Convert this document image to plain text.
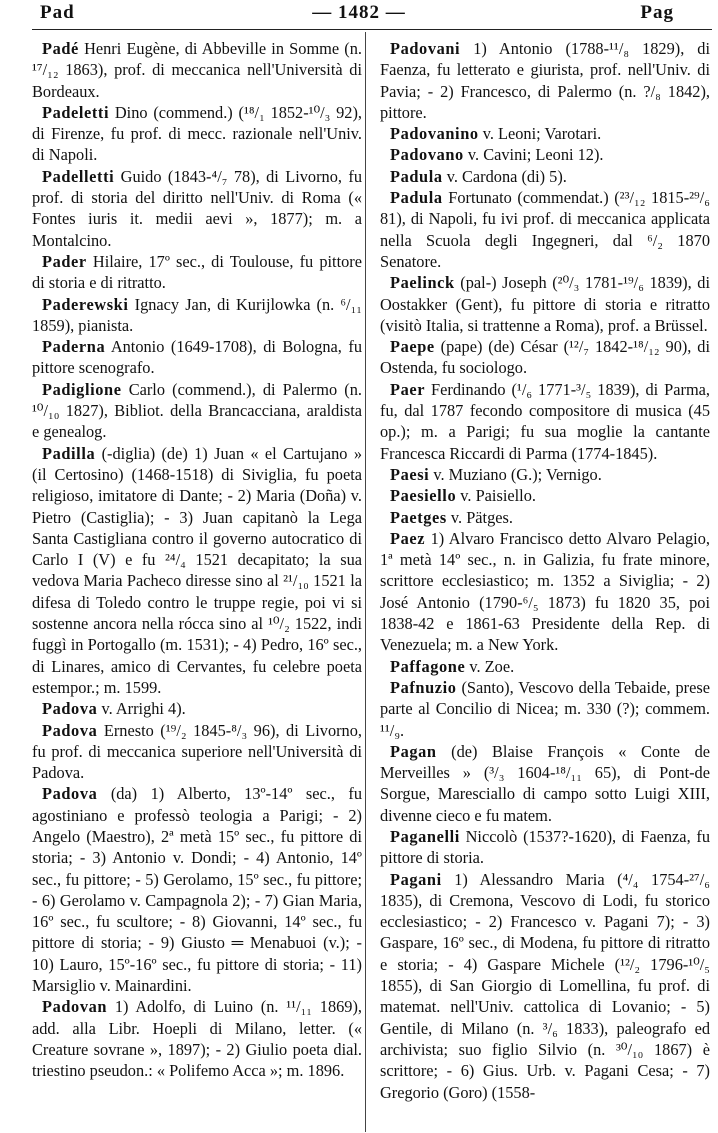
Pad	— 1482 —	Pag

Padé Henri Eugène, di Abbeville in Somme (n. ¹⁷/₁₂ 1863), prof. di meccanica nell'Università di Bordeaux.

Padeletti Dino (commend.) (¹⁸/₁ 1852-¹⁰/₃ 92), di Firenze, fu prof. di mecc. razionale nell'Univ. di Napoli.

Padelletti Guido (1843-⁴/₇ 78), di Livorno, fu prof. di storia del diritto nell'Univ. di Roma (« Fontes iuris it. medii aevi », 1877); m. a Montalcino.

Pader Hilaire, 17º sec., di Toulouse, fu pittore di storia e di ritratto.

Paderewski Ignacy Jan, di Kurijlowka (n. ⁶/₁₁ 1859), pianista.

Paderna Antonio (1649-1708), di Bologna, fu pittore scenografo.

Padiglione Carlo (commend.), di Palermo (n. ¹⁰/₁₀ 1827), Bibliot. della Brancacciana, araldista e genealog.

Padilla (-diglia) (de) 1) Juan « el Cartujano » (il Certosino) (1468-1518) di Siviglia, fu poeta religioso, imitatore di Dante; - 2) Maria (Doña) v. Pietro (Castiglia); - 3) Juan capitanò la Lega Santa Castigliana contro il governo autocratico di Carlo I (V) e fu ²⁴/₄ 1521 decapitato; la sua vedova Maria Pacheco diresse sino al ²¹/₁₀ 1521 la difesa di Toledo contro le truppe regie, poi vi si sostenne ancora nella rócca sino al ¹⁰/₂ 1522, indi fuggì in Portogallo (m. 1531); - 4) Pedro, 16º sec., di Linares, amico di Cervantes, fu celebre poeta estempor.; m. 1599.

Padova v. Arrighi 4).

Padova Ernesto (¹⁹/₂ 1845-⁸/₃ 96), di Livorno, fu prof. di meccanica superiore nell'Università di Padova.

Padova (da) 1) Alberto, 13º-14º sec., fu agostiniano e professò teologia a Parigi; - 2) Angelo (Maestro), 2ª metà 15º sec., fu pittore di storia; - 3) Antonio v. Dondi; - 4) Antonio, 14º sec., fu pittore; - 5) Gerolamo, 15º sec., fu pittore; - 6) Gerolamo v. Campagnola 2); - 7) Gian Maria, 16º sec., fu scultore; - 8) Giovanni, 14º sec., fu pittore di storia; - 9) Giusto ═ Menabuoi (v.); - 10) Lauro, 15º-16º sec., fu pittore di storia; - 11) Marsiglio v. Mainardini.

Padovan 1) Adolfo, di Luino (n. ¹¹/₁₁ 1869), add. alla Libr. Hoepli di Milano, letter. (« Creature sovrane », 1897); - 2) Giulio poeta dial. triestino pseudon.: « Polifemo Acca »; m. 1896.

Padovani 1) Antonio (1788-¹¹/₈ 1829), di Faenza, fu letterato e giurista, prof. nell'Univ. di Pavia; - 2) Francesco, di Palermo (n. ?/₈ 1842), pittore.

Padovanino v. Leoni; Varotari.

Padovano v. Cavini; Leoni 12).

Padula v. Cardona (di) 5).

Padula Fortunato (commendat.) (²³/₁₂ 1815-²⁹/₆ 81), di Napoli, fu ivi prof. di meccanica applicata nella Scuola degli Ingegneri, dal ⁶/₂ 1870 Senatore.

Paelinck (pal-) Joseph (²⁰/₃ 1781-¹⁹/₆ 1839), di Oostakker (Gent), fu pittore di storia e ritratto (visitò Italia, si trattenne a Roma), prof. a Brüssel.

Paepe (pape) (de) César (¹²/₇ 1842-¹⁸/₁₂ 90), di Ostenda, fu sociologo.

Paer Ferdinando (¹/₆ 1771-³/₅ 1839), di Parma, fu, dal 1787 fecondo compositore di musica (45 op.); m. a Parigi; fu sua moglie la cantante Francesca Riccardi di Parma (1774-1845).

Paesi v. Muziano (G.); Vernigo.

Paesiello v. Paisiello.

Paetges v. Pätges.

Paez 1) Alvaro Francisco detto Alvaro Pelagio, 1ª metà 14º sec., n. in Galizia, fu frate minore, scrittore ecclesiastico; m. 1352 a Siviglia; - 2) José Antonio (1790-⁶/₅ 1873) fu 1820 35, poi 1838-42 e 1861-63 Presidente della Rep. di Venezuela; m. a New York.

Paffagone v. Zoe.

Pafnuzio (Santo), Vescovo della Tebaide, prese parte al Concilio di Nicea; m. 330 (?); commem. ¹¹/₉.

Pagan (de) Blaise François « Conte de Merveilles » (³/₃ 1604-¹⁸/₁₁ 65), di Pont-de Sorgue, Maresciallo di campo sotto Luigi XIII, divenne cieco e fu matem.

Paganelli Niccolò (1537?-1620), di Faenza, fu pittore di storia.

Pagani 1) Alessandro Maria (⁴/₄ 1754-²⁷/₆ 1835), di Cremona, Vescovo di Lodi, fu storico ecclesiastico; - 2) Francesco v. Pagani 7); - 3) Gaspare, 16º sec., di Modena, fu pittore di ritratto e storia; - 4) Gaspare Michele (¹²/₂ 1796-¹⁰/₅ 1855), di San Giorgio di Lomellina, fu prof. di matemat. nell'Univ. cattolica di Lovanio; - 5) Gentile, di Milano (n. ³/₆ 1833), paleografo ed archivista; suo figlio Silvio (n. ³⁰/₁₀ 1867) è scrittore; - 6) Gius. Urb. v. Pagani Cesa; - 7) Gregorio (Goro) (1558-
